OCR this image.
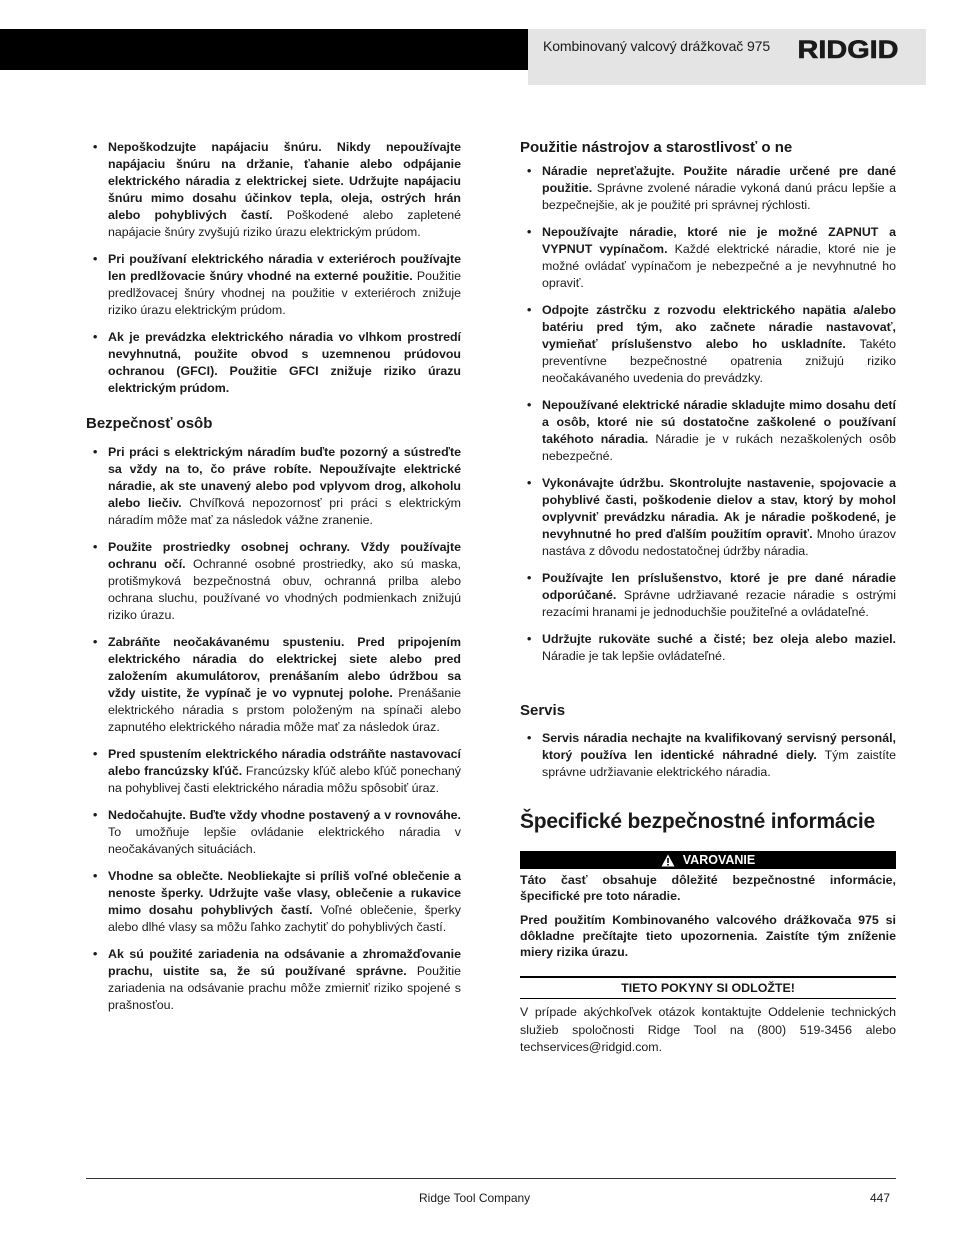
Kombinovaný valcový drážkovač 975 RIDGID
• Nepoškodzujte napájaciu šnúru. Nikdy nepoužívajte napájaciu šnúru na držanie, ťahanie alebo odpájanie elektrického náradia z elektrickej siete. Udržujte napájaciu šnúru mimo dosahu účinkov tepla, oleja, ostrých hrán alebo pohyblivých častí. Poškodené alebo zapletené napájacie šnúry zvyšujú riziko úrazu elektrickým prúdom.
• Pri používaní elektrického náradia v exteriéroch používajte len predlžovacie šnúry vhodné na externé použitie. Použitie predlžovacej šnúry vhodnej na použitie v exteriéroch znižuje riziko úrazu elektrickým prúdom.
• Ak je prevádzka elektrického náradia vo vlhkom prostredí nevyhnutná, použite obvod s uzemnenou prúdovou ochranou (GFCI). Použitie GFCI znižuje riziko úrazu elektrickým prúdom.
Bezpečnosť osôb
• Pri práci s elektrickým náradím buďte pozorný a sústreďte sa vždy na to, čo práve robíte. Nepoužívajte elektrické náradie, ak ste unavený alebo pod vplyvom drog, alkoholu alebo liečiv. Chvíľková nepozornosť pri práci s elektrickým náradím môže mať za následok vážne zranenie.
• Použite prostriedky osobnej ochrany. Vždy používajte ochranu očí. Ochranné osobné prostriedky, ako sú maska, protišmyková bezpečnostná obuv, ochranná prilba alebo ochrana sluchu, používané vo vhodných podmienkach znižujú riziko úrazu.
• Zabráňte neočakávanému spusteniu. Pred pripojením elektrického náradia do elektrickej siete alebo pred založením akumulátorov, prenášaním alebo údržbou sa vždy uistite, že vypínač je vo vypnutej polohe. Prenášanie elektrického náradia s prstom položeným na spínači alebo zapnutého elektrického náradia môže mať za následok úraz.
• Pred spustením elektrického náradia odstráňte nastavovací alebo francúzsky kľúč. Francúzsky kľúč alebo kľúč ponechaný na pohyblivej časti elektrického náradia môžu spôsobiť úraz.
• Nedočahujte. Buďte vždy vhodne postavený a v rovnováhe. To umožňuje lepšie ovládanie elektrického náradia v neočakávaných situáciách.
• Vhodne sa oblečte. Neobliekajte si príliš voľné oblečenie a nenoste šperky. Udržujte vaše vlasy, oblečenie a rukavice mimo dosahu pohyblivých častí. Voľné oblečenie, šperky alebo dlhé vlasy sa môžu ľahko zachytiť do pohyblivých častí.
• Ak sú použité zariadenia na odsávanie a zhromažďovanie prachu, uistite sa, že sú používané správne. Použitie zariadenia na odsávanie prachu môže zmierniť riziko spojené s prašnosťou.
Použitie nástrojov a starostlivosť o ne
• Náradie nepreťažujte. Použite náradie určené pre dané použitie. Správne zvolené náradie vykoná danú prácu lepšie a bezpečnejšie, ak je použité pri správnej rýchlosti.
• Nepoužívajte náradie, ktoré nie je možné ZAPNUT a VYPNUT vypínačom. Každé elektrické náradie, ktoré nie je možné ovládať vypínačom je nebezpečné a je nevyhnutné ho opraviť.
• Odpojte zástrčku z rozvodu elektrického napätia a/alebo batériu pred tým, ako začnete náradie nastavovať, vymieňať príslušenstvo alebo ho uskladníte. Takéto preventívne bezpečnostné opatrenia znižujú riziko neočakávaného uvedenia do prevádzky.
• Nepoužívané elektrické náradie skladujte mimo dosahu detí a osôb, ktoré nie sú dostatočne zaškolené o používaní takéhoto náradia. Náradie je v rukách nezaškolených osôb nebezpečné.
• Vykonávajte údržbu. Skontrolujte nastavenie, spojovacie a pohyblivé časti, poškodenie dielov a stav, ktorý by mohol ovplyvniť prevádzku náradia. Ak je náradie poškodené, je nevyhnutné ho pred ďalším použitím opraviť. Mnoho úrazov nastáva z dôvodu nedostatočnej údržby náradia.
• Používajte len príslušenstvo, ktoré je pre dané náradie odporúčané. Správne udržiavané rezacie náradie s ostrými rezacími hranami je jednoduchšie použiteľné a ovládateľné.
• Udržujte rukoväte suché a čisté; bez oleja alebo maziel. Náradie je tak lepšie ovládateľné.
Servis
• Servis náradia nechajte na kvalifikovaný servisný personál, ktorý používa len identické náhradné diely. Tým zaistíte správne udržiavanie elektrického náradia.
Špecifické bezpečnostné informácie
VAROVANIE
Táto časť obsahuje dôležité bezpečnostné informácie, špecifické pre toto náradie.
Pred použitím Kombinovaného valcového drážkovača 975 si dôkladne prečítajte tieto upozornenia. Zaistíte tým zníženie miery rizika úrazu.
TIETO POKYNY SI ODLOŽTE!
V prípade akýchkoľvek otázok kontaktujte Oddelenie technických služieb spoločnosti Ridge Tool na (800) 519-3456 alebo techservices@ridgid.com.
Ridge Tool Company	447
